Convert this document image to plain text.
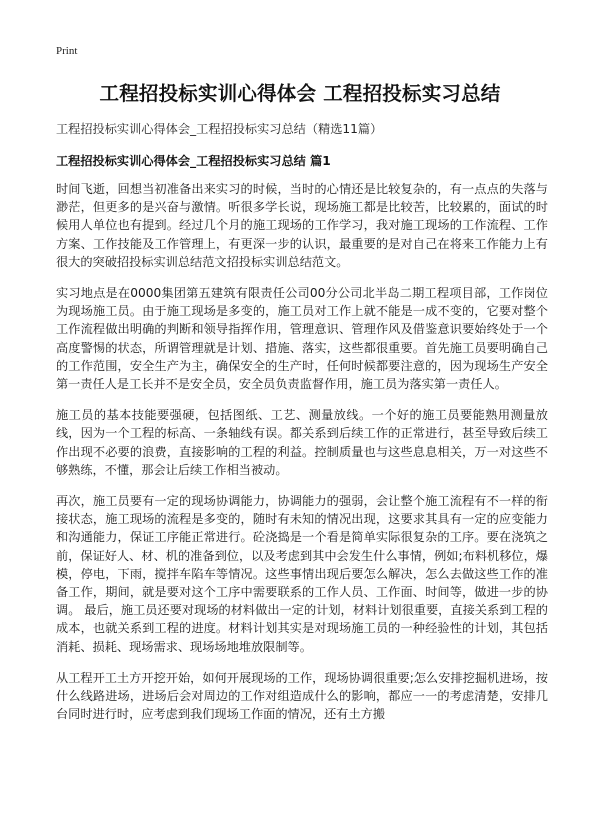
Print
工程招投标实训心得体会 工程招投标实习总结
工程招投标实训心得体会_工程招投标实习总结（精选11篇）
工程招投标实训心得体会_工程招投标实习总结 篇1

时间飞逝，回想当初准备出来实习的时候，当时的心情还是比较复杂的，有一点点的失落与渺茫，但更多的是兴奋与激情。听很多学长说，现场施工都是比较苦，比较累的，面试的时候用人单位也有提到。经过几个月的施工现场的工作学习，我对施工现场的工作流程、工作方案、工作技能及工作管理上，有更深一步的认识，最重要的是对自己在将来工作能力上有很大的突破招投标实训总结范文招投标实训总结范文。

实习地点是在0000集团第五建筑有限责任公司00分公司北半岛二期工程项目部，工作岗位为现场施工员。由于施工现场是多变的，施工员对工作上就不能是一成不变的，它要对整个工作流程做出明确的判断和领导指挥作用，管理意识、管理作风及借鉴意识要始终处于一个高度警惕的状态，所谓管理就是计划、措施、落实，这些都很重要。首先施工员要明确自己的工作范围，安全生产为主，确保安全的生产时，任何时候都要注意的，因为现场生产安全第一责任人是工长并不是安全员，安全员负责监督作用，施工员为落实第一责任人。

施工员的基本技能要强硬，包括图纸、工艺、测量放线。一个好的施工员要能熟用测量放线，因为一个工程的标高、一条轴线有误。都关系到后续工作的正常进行，甚至导致后续工作出现不必要的浪费，直接影响的工程的利益。控制质量也与这些息息相关，万一对这些不够熟练，不懂，那会让后续工作相当被动。

再次，施工员要有一定的现场协调能力，协调能力的强弱，会让整个施工流程有不一样的衔接状态，施工现场的流程是多变的，随时有未知的情况出现，这要求其具有一定的应变能力和沟通能力，保证工序能正常进行。砼浇捣是一个看是简单实际很复杂的工序。要在浇筑之前，保证好人、材、机的准备到位，以及考虑到其中会发生什么事情，例如;布料机移位，爆模，停电，下雨，搅拌车陷车等情况。这些事情出现后要怎么解决，怎么去做这些工作的准备工作，期间，就是要对这个工序中需要联系的工作人员、工作面、时间等，做进一步的协调。 最后，施工员还要对现场的材料做出一定的计划，材料计划很重要，直接关系到工程的成本，也就关系到工程的进度。材料计划其实是对现场施工员的一种经验性的计划，其包括消耗、损耗、现场需求、现场场地堆放限制等。

从工程开工土方开挖开始，如何开展现场的工作，现场协调很重要;怎么安排挖掘机进场，按什么线路进场，进场后会对周边的工作对组造成什么的影响，都应一一的考虑清楚，安排几台同时进行时，应考虑到我们现场工作面的情况，还有土方搬
